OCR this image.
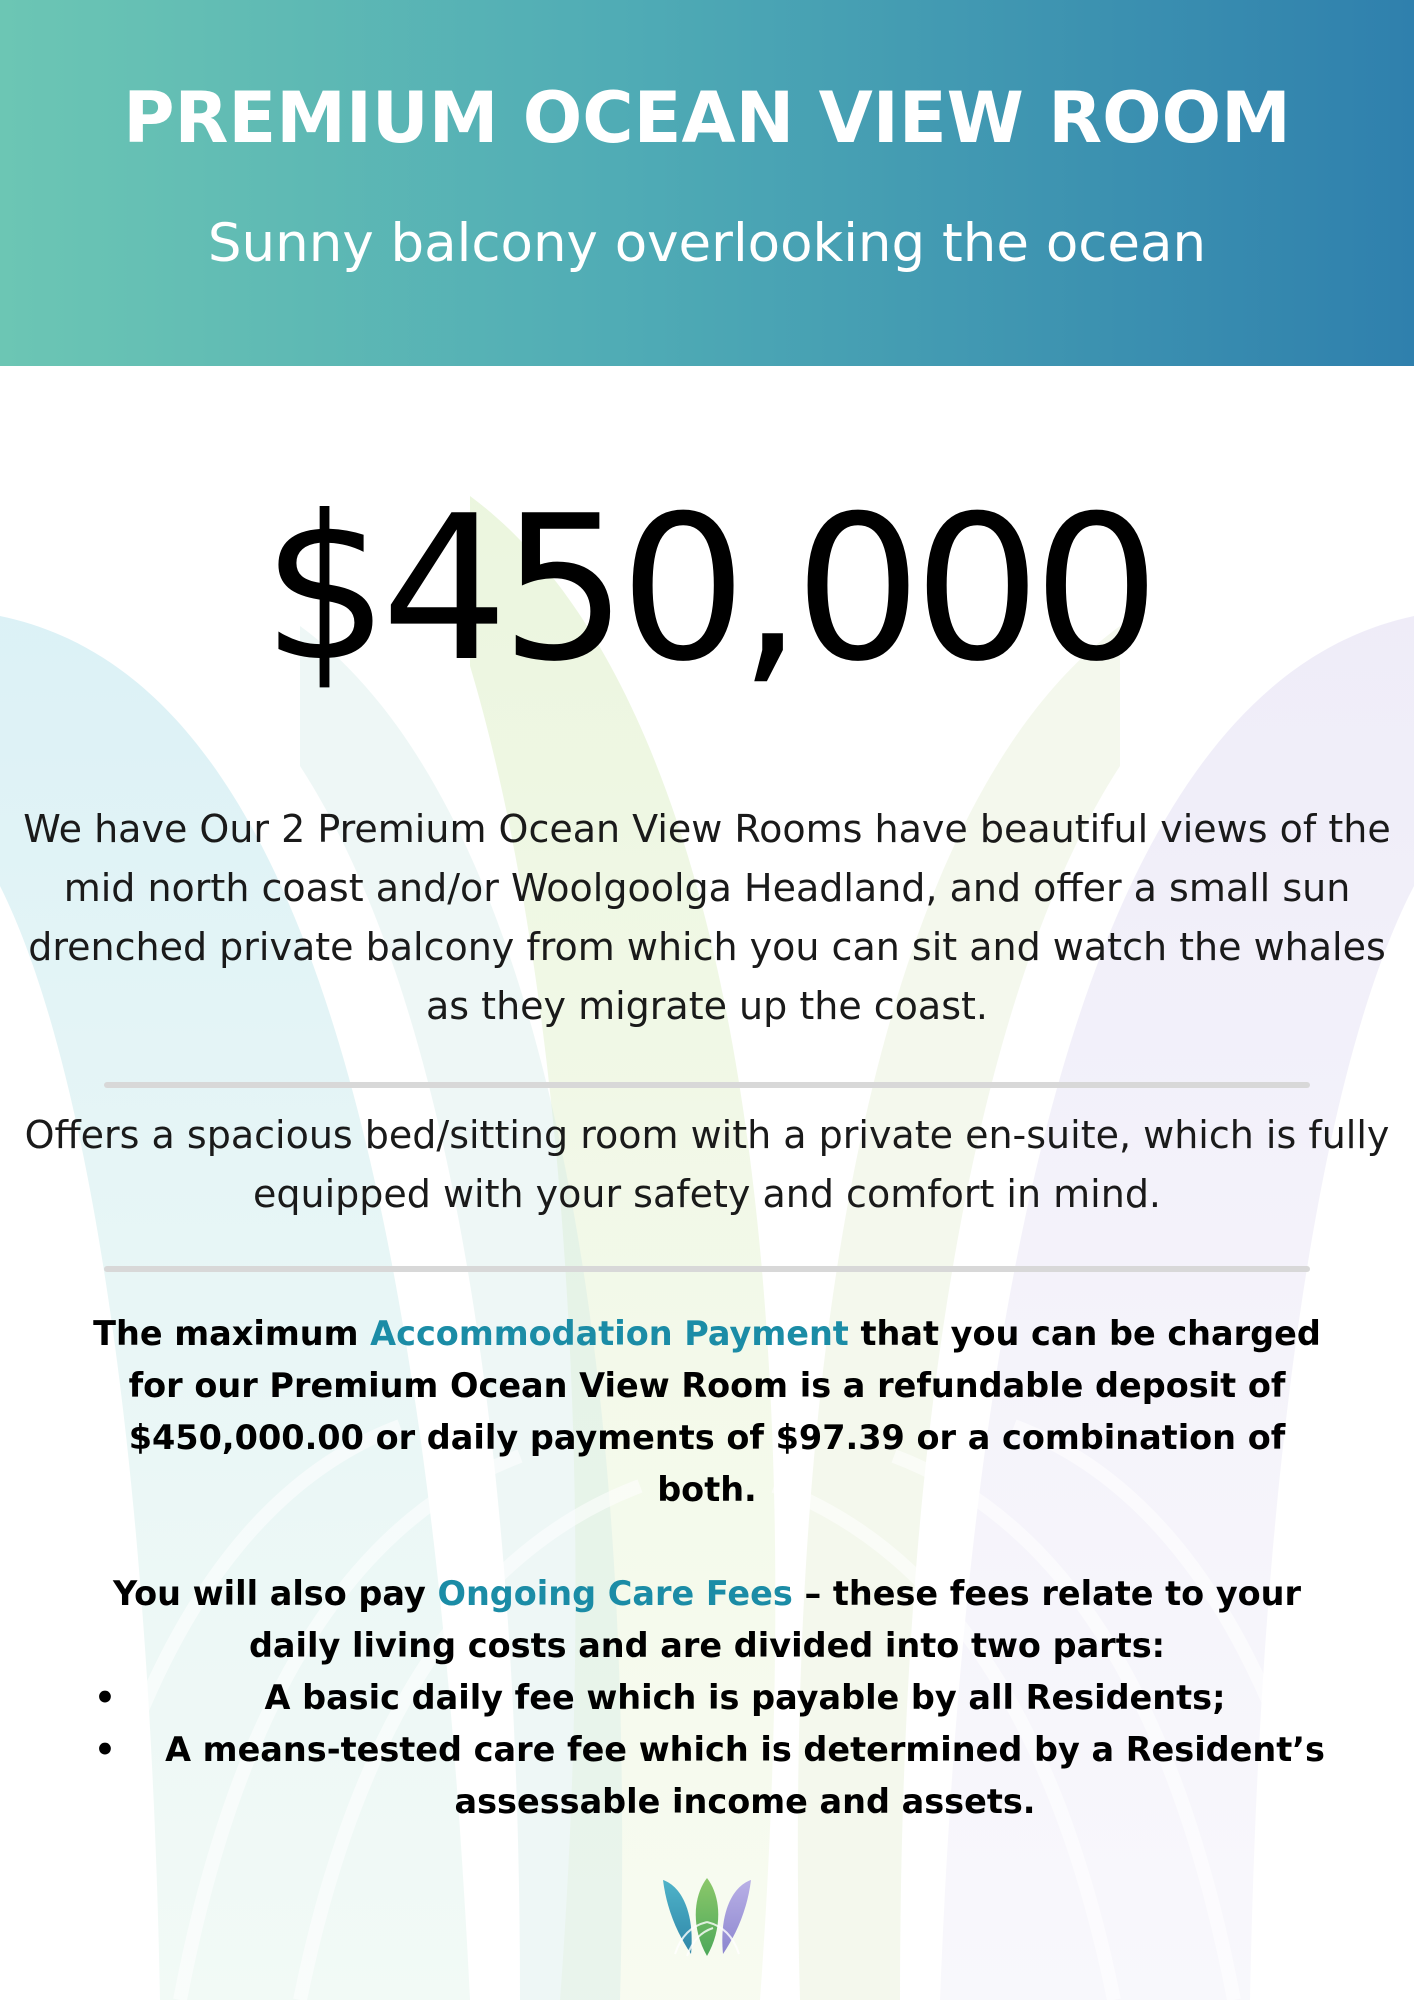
PREMIUM OCEAN VIEW ROOM
Sunny balcony overlooking the ocean
$450,000
We have Our 2 Premium Ocean View Rooms have beautiful views of the mid north coast and/or Woolgoolga Headland, and offer a small sun drenched private balcony from which you can sit and watch the whales as they migrate up the coast.
Offers a spacious bed/sitting room with a private en-suite, which is fully equipped with your safety and comfort in mind.
The maximum Accommodation Payment that you can be charged for our Premium Ocean View Room is a refundable deposit of $450,000.00 or daily payments of $97.39 or a combination of both.
You will also pay Ongoing Care Fees – these fees relate to your daily living costs and are divided into two parts:
•	A basic daily fee which is payable by all Residents;
• A means-tested care fee which is determined by a Resident’s assessable income and assets.
